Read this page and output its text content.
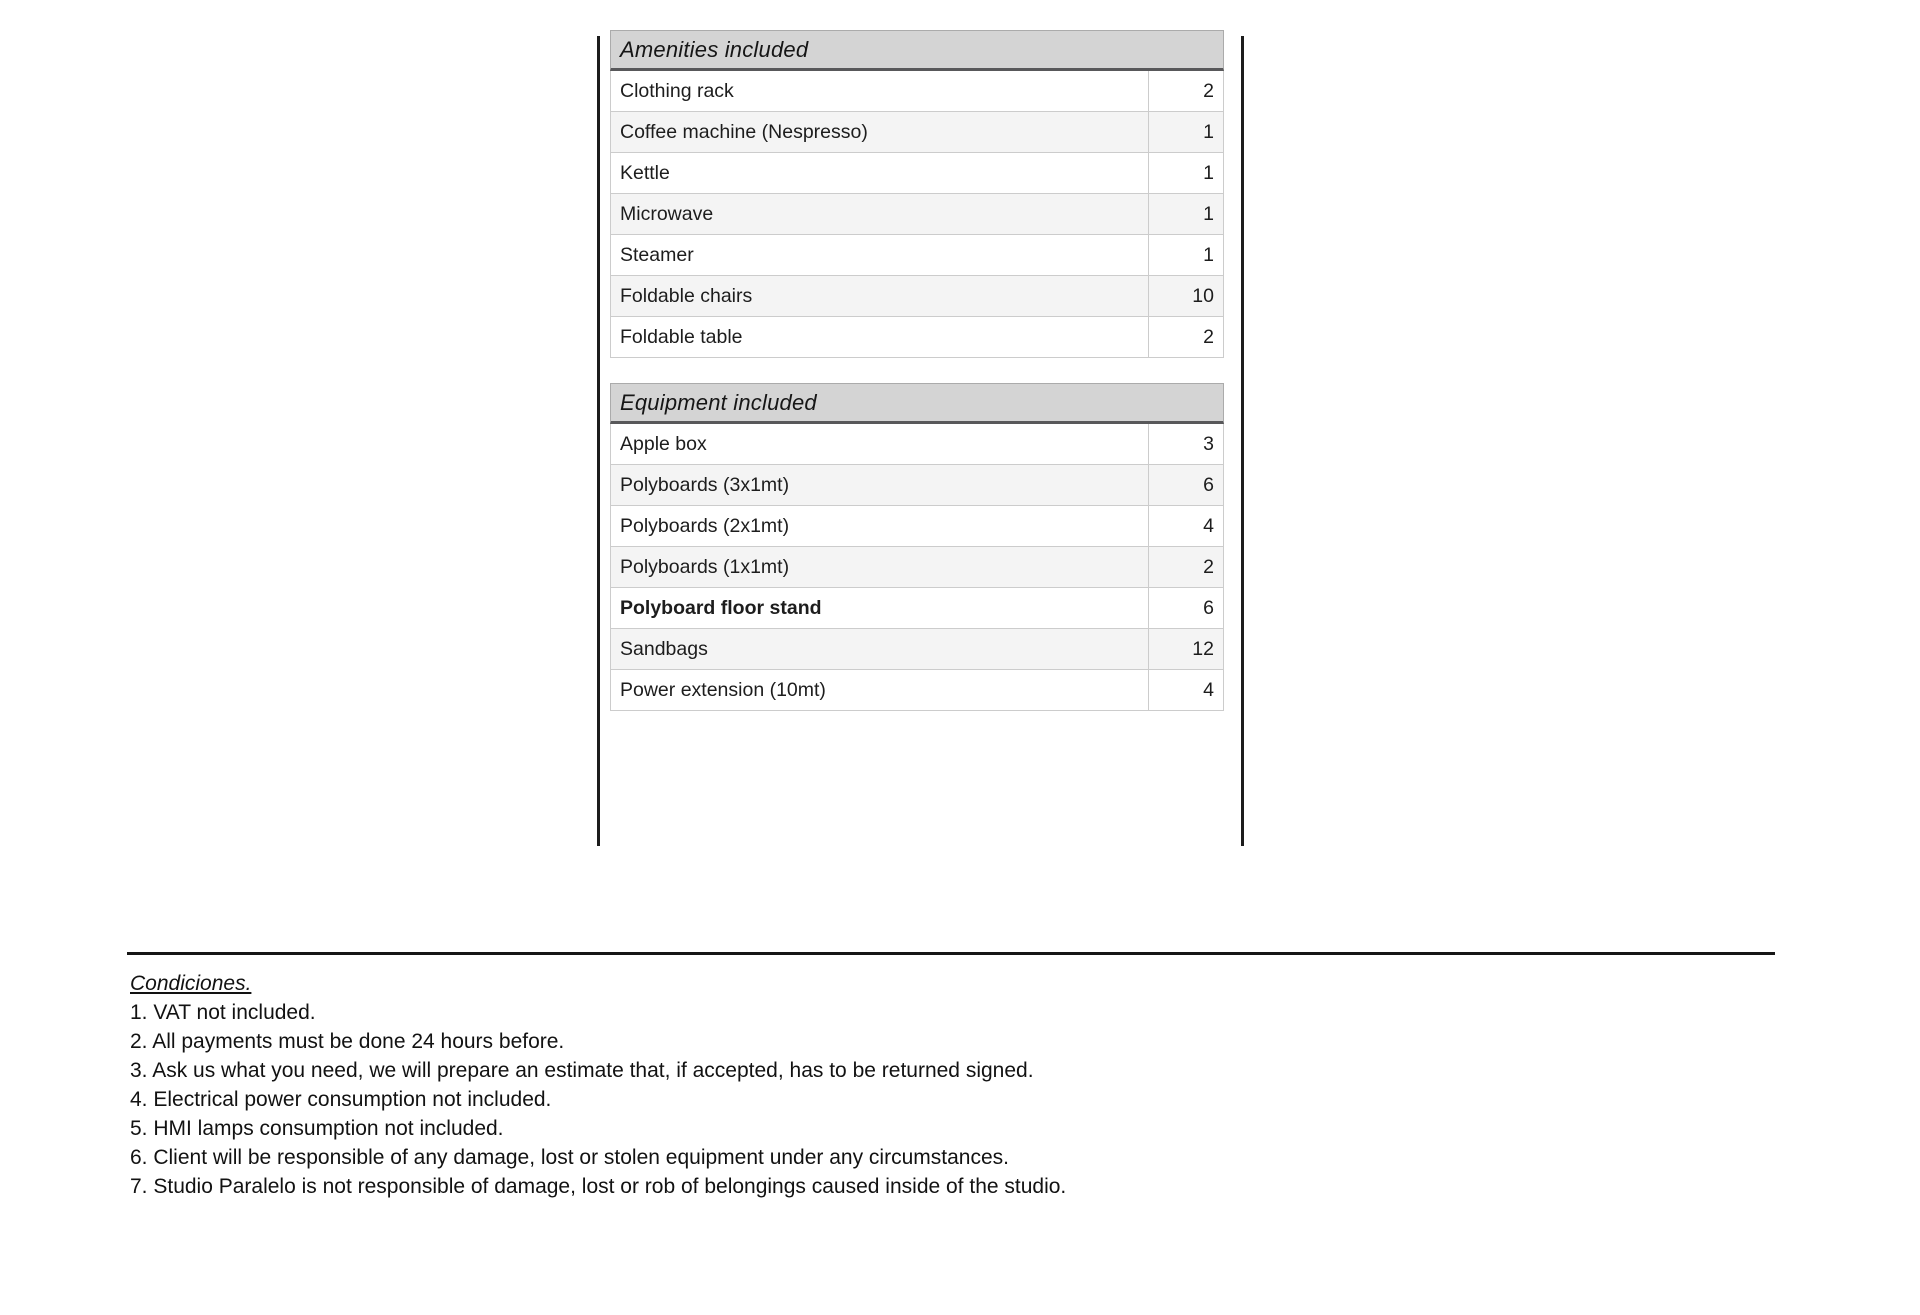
Amenities included
Clothing rack	2
Coffee machine (Nespresso)	1
Kettle	1
Microwave	1
Steamer	1
Foldable chairs	10
Foldable table	2
Equipment included
Apple box	3
Polyboards (3x1mt)	6
Polyboards (2x1mt)	4
Polyboards (1x1mt)	2
Polyboard floor stand	6
Sandbags	12
Power extension (10mt)	4
Condiciones.

1. VAT not included.

2. All payments must be done 24 hours before.

3. Ask us what you need, we will prepare an estimate that, if accepted, has to be returned signed.

4. Electrical power consumption not included.

5. HMI lamps consumption not included.

6. Client will be responsible of any damage, lost or stolen equipment under any circumstances.

7. Studio Paralelo is not responsible of damage, lost or rob of belongings caused inside of the studio.
